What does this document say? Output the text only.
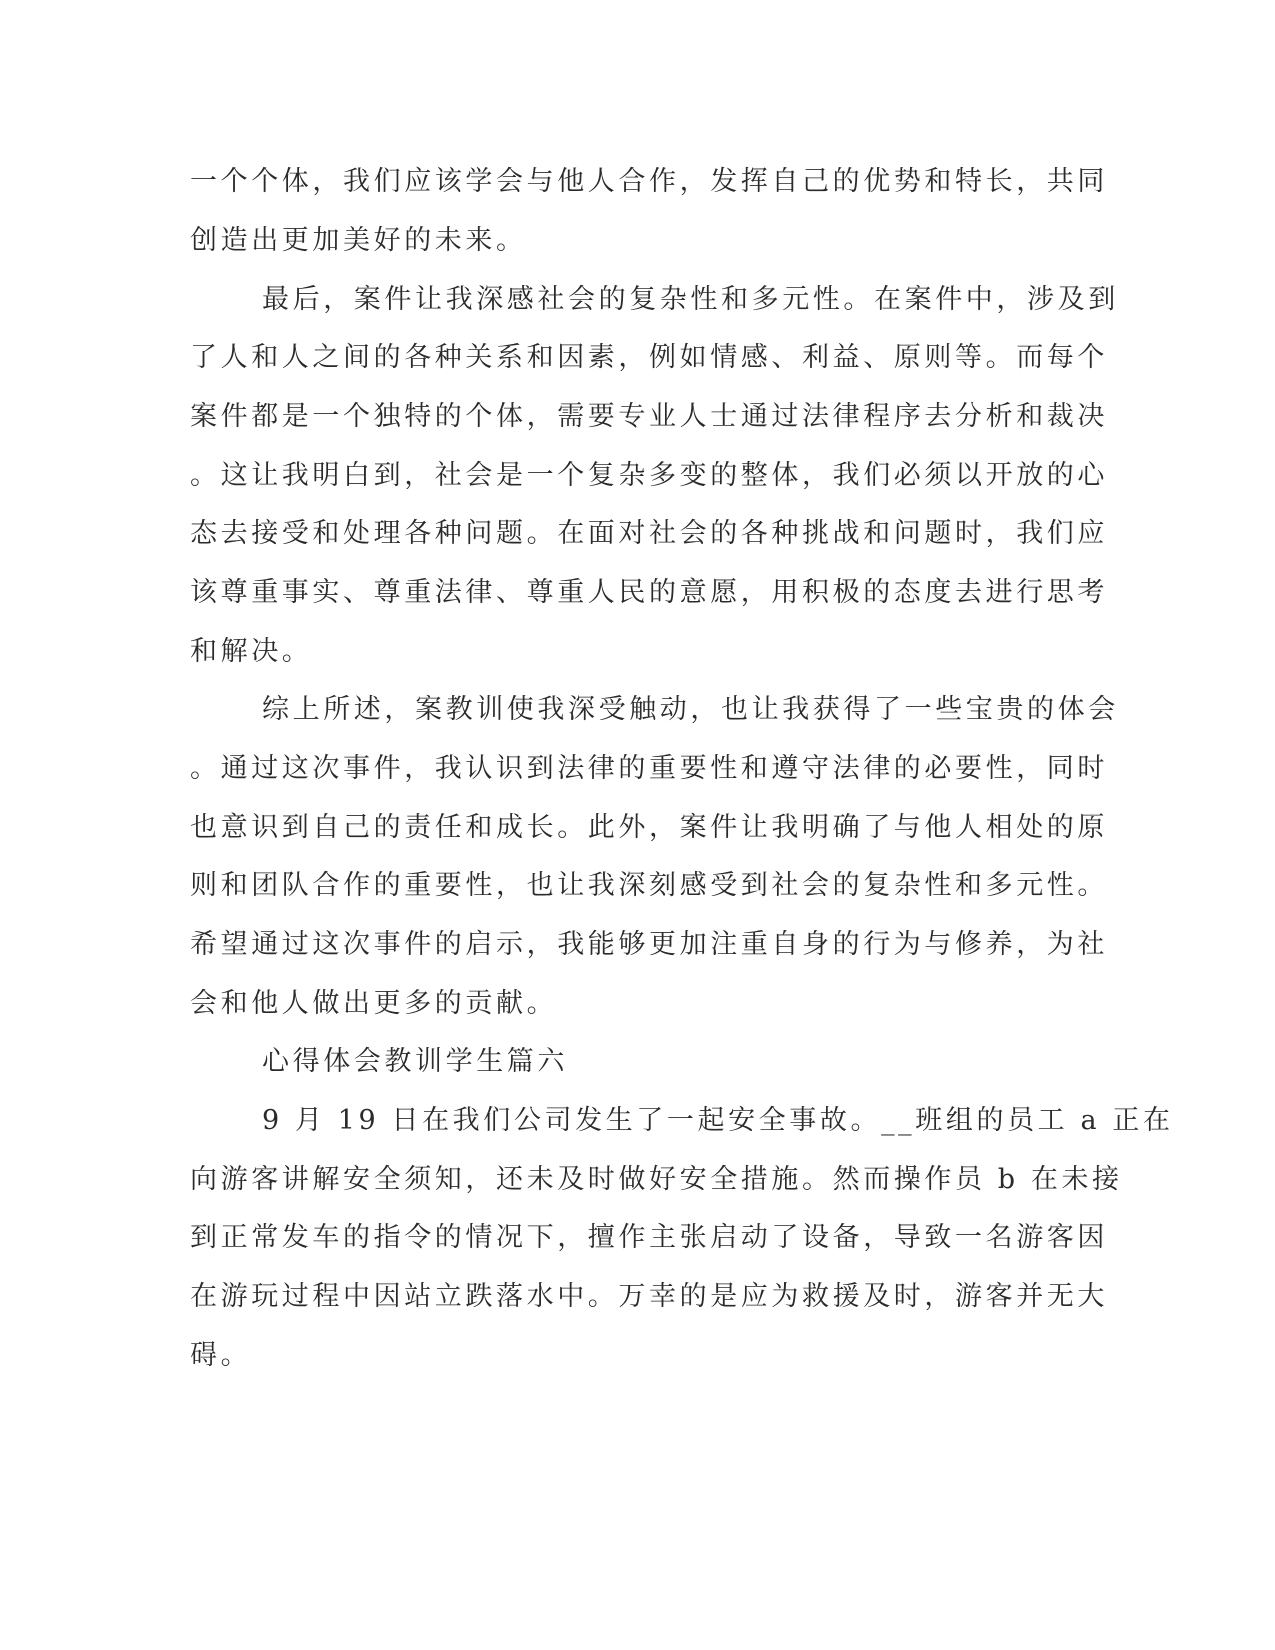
一个个体，我们应该学会与他人合作，发挥自己的优势和特长，共同
创造出更加美好的未来。
最后，案件让我深感社会的复杂性和多元性。在案件中，涉及到
了人和人之间的各种关系和因素，例如情感、利益、原则等。而每个
案件都是一个独特的个体，需要专业人士通过法律程序去分析和裁决
。这让我明白到，社会是一个复杂多变的整体，我们必须以开放的心
态去接受和处理各种问题。在面对社会的各种挑战和问题时，我们应
该尊重事实、尊重法律、尊重人民的意愿，用积极的态度去进行思考
和解决。
综上所述，案教训使我深受触动，也让我获得了一些宝贵的体会
。通过这次事件，我认识到法律的重要性和遵守法律的必要性，同时
也意识到自己的责任和成长。此外，案件让我明确了与他人相处的原
则和团队合作的重要性，也让我深刻感受到社会的复杂性和多元性。
希望通过这次事件的启示，我能够更加注重自身的行为与修养，为社
会和他人做出更多的贡献。
心得体会教训学生篇六
9 月 19 日在我们公司发生了一起安全事故。__班组的员工 a 正在
向游客讲解安全须知，还未及时做好安全措施。然而操作员 b 在未接
到正常发车的指令的情况下，擅作主张启动了设备，导致一名游客因
在游玩过程中因站立跌落水中。万幸的是应为救援及时，游客并无大
碍。
